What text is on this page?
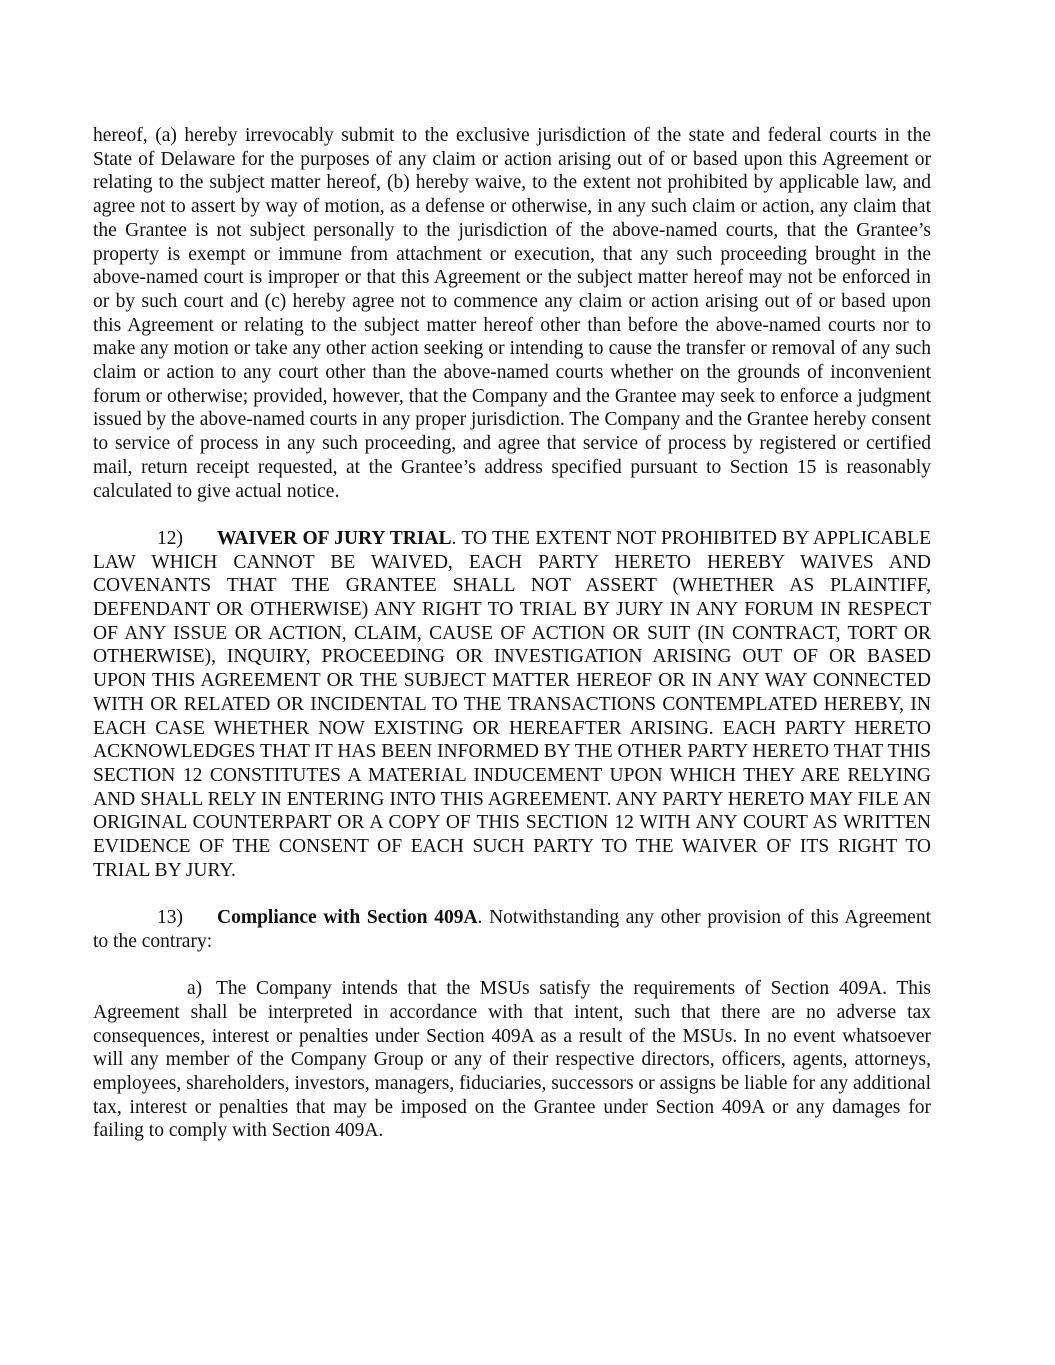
hereof, (a) hereby irrevocably submit to the exclusive jurisdiction of the state and federal courts in the State of Delaware for the purposes of any claim or action arising out of or based upon this Agreement or relating to the subject matter hereof, (b) hereby waive, to the extent not prohibited by applicable law, and agree not to assert by way of motion, as a defense or otherwise, in any such claim or action, any claim that the Grantee is not subject personally to the jurisdiction of the above-named courts, that the Grantee’s property is exempt or immune from attachment or execution, that any such proceeding brought in the above-named court is improper or that this Agreement or the subject matter hereof may not be enforced in or by such court and (c) hereby agree not to commence any claim or action arising out of or based upon this Agreement or relating to the subject matter hereof other than before the above-named courts nor to make any motion or take any other action seeking or intending to cause the transfer or removal of any such claim or action to any court other than the above-named courts whether on the grounds of inconvenient forum or otherwise; provided, however, that the Company and the Grantee may seek to enforce a judgment issued by the above-named courts in any proper jurisdiction. The Company and the Grantee hereby consent to service of process in any such proceeding, and agree that service of process by registered or certified mail, return receipt requested, at the Grantee’s address specified pursuant to Section 15 is reasonably calculated to give actual notice.

12) WAIVER OF JURY TRIAL. TO THE EXTENT NOT PROHIBITED BY APPLICABLE LAW WHICH CANNOT BE WAIVED, EACH PARTY HERETO HEREBY WAIVES AND COVENANTS THAT THE GRANTEE SHALL NOT ASSERT (WHETHER AS PLAINTIFF, DEFENDANT OR OTHERWISE) ANY RIGHT TO TRIAL BY JURY IN ANY FORUM IN RESPECT OF ANY ISSUE OR ACTION, CLAIM, CAUSE OF ACTION OR SUIT (IN CONTRACT, TORT OR OTHERWISE), INQUIRY, PROCEEDING OR INVESTIGATION ARISING OUT OF OR BASED UPON THIS AGREEMENT OR THE SUBJECT MATTER HEREOF OR IN ANY WAY CONNECTED WITH OR RELATED OR INCIDENTAL TO THE TRANSACTIONS CONTEMPLATED HEREBY, IN EACH CASE WHETHER NOW EXISTING OR HEREAFTER ARISING. EACH PARTY HERETO ACKNOWLEDGES THAT IT HAS BEEN INFORMED BY THE OTHER PARTY HERETO THAT THIS SECTION 12 CONSTITUTES A MATERIAL INDUCEMENT UPON WHICH THEY ARE RELYING AND SHALL RELY IN ENTERING INTO THIS AGREEMENT. ANY PARTY HERETO MAY FILE AN ORIGINAL COUNTERPART OR A COPY OF THIS SECTION 12 WITH ANY COURT AS WRITTEN EVIDENCE OF THE CONSENT OF EACH SUCH PARTY TO THE WAIVER OF ITS RIGHT TO TRIAL BY JURY.

13) Compliance with Section 409A. Notwithstanding any other provision of this Agreement to the contrary:

a) The Company intends that the MSUs satisfy the requirements of Section 409A. This Agreement shall be interpreted in accordance with that intent, such that there are no adverse tax consequences, interest or penalties under Section 409A as a result of the MSUs. In no event whatsoever will any member of the Company Group or any of their respective directors, officers, agents, attorneys, employees, shareholders, investors, managers, fiduciaries, successors or assigns be liable for any additional tax, interest or penalties that may be imposed on the Grantee under Section 409A or any damages for failing to comply with Section 409A.
